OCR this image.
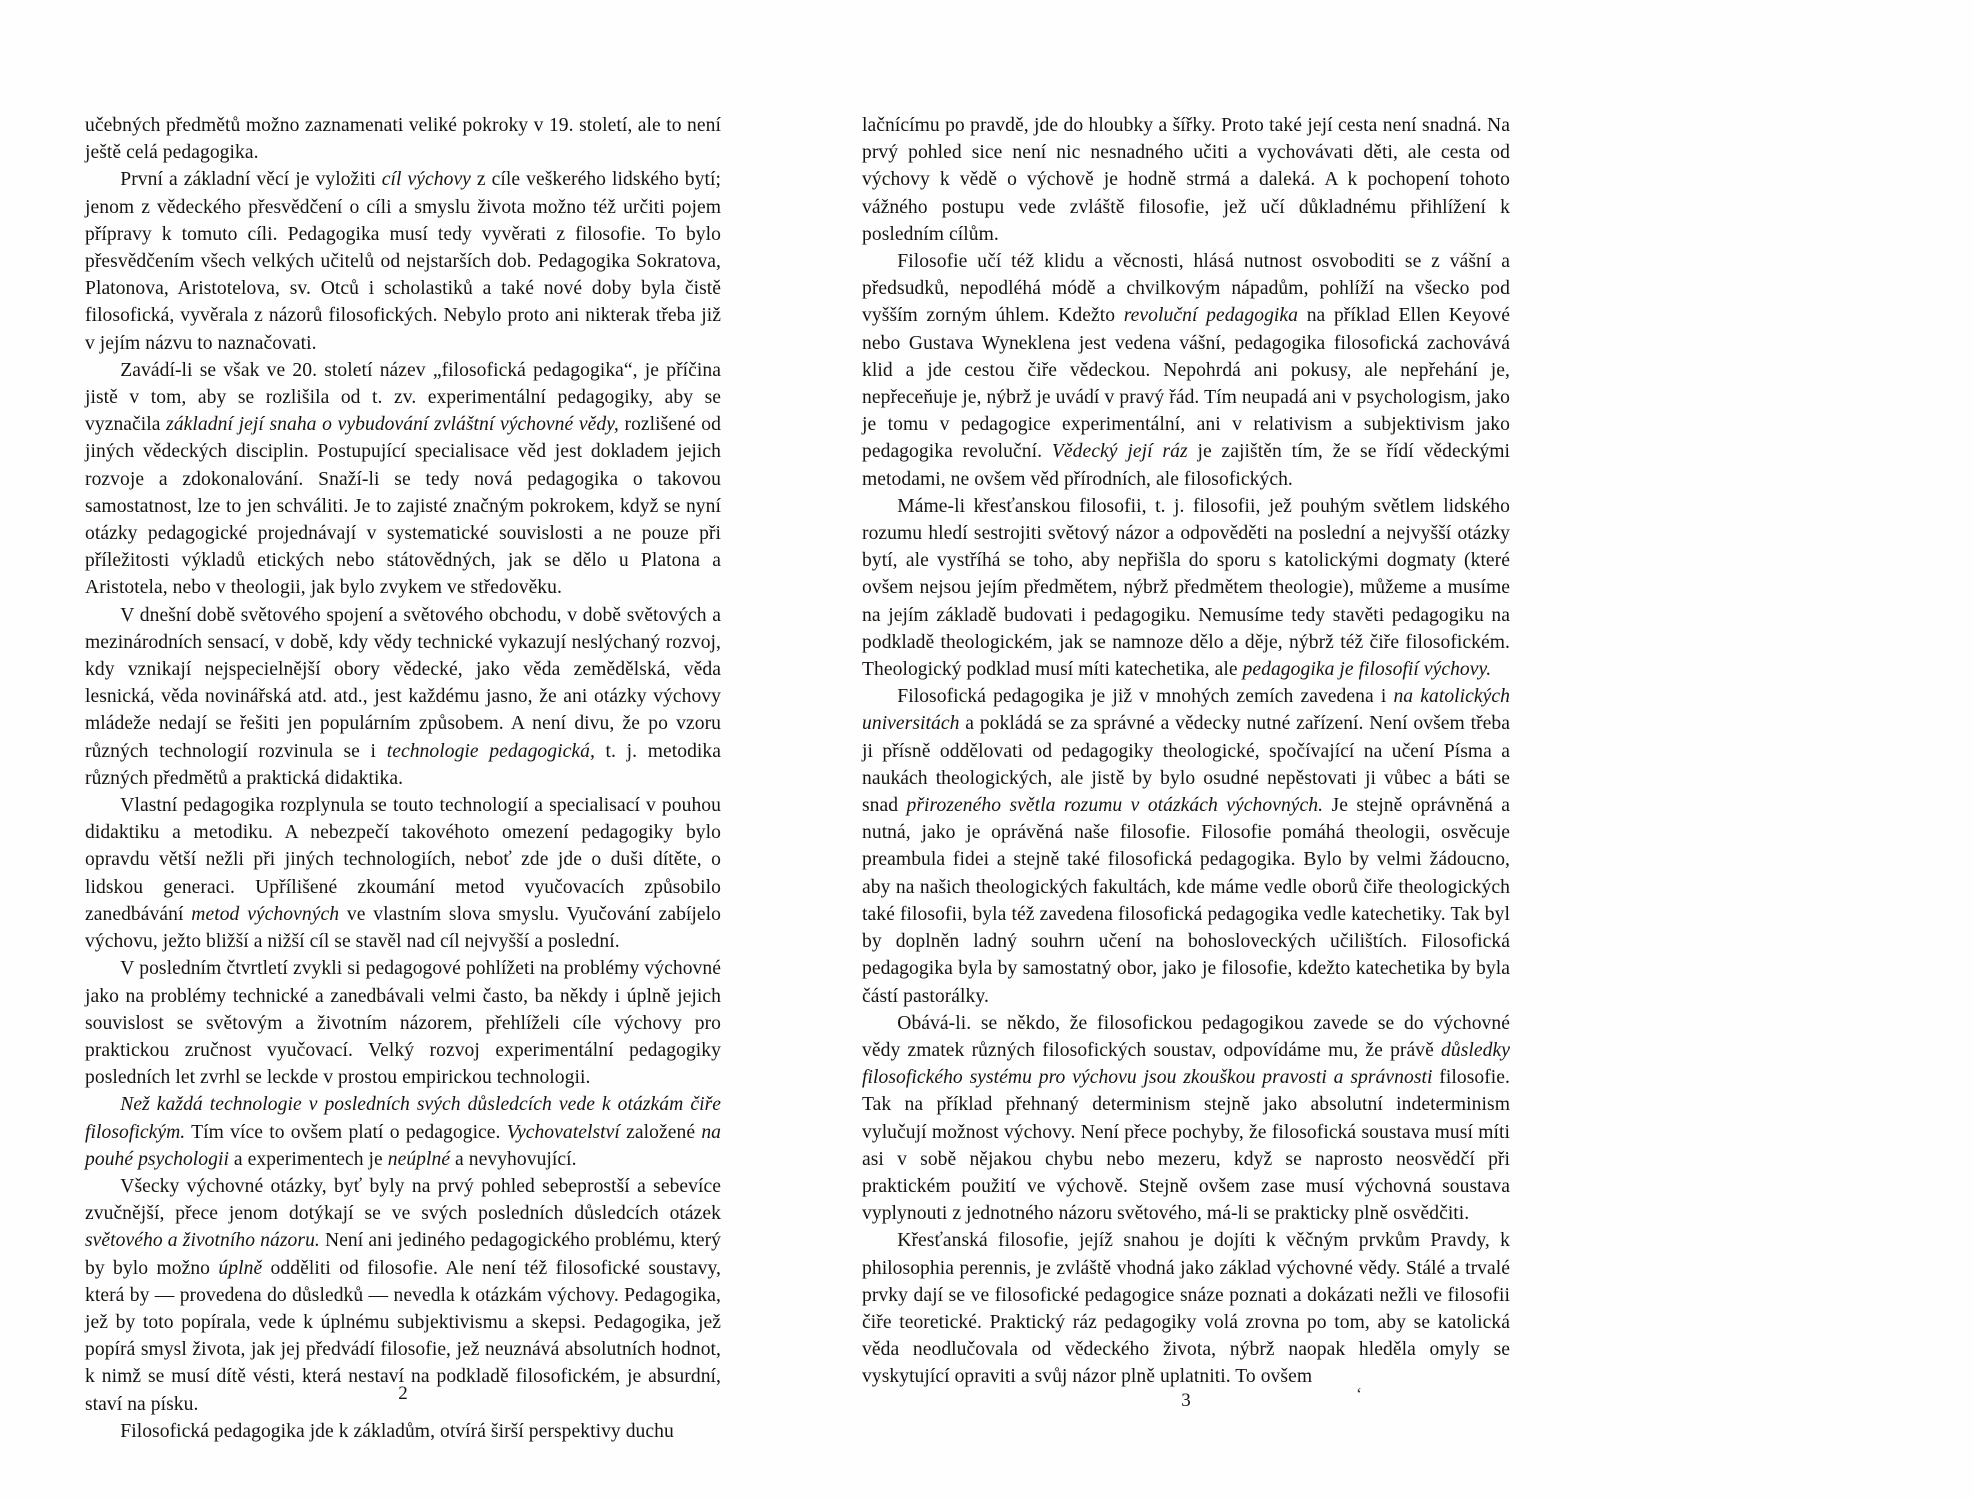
učebných předmětů možno zaznamenati veliké pokroky v 19. století, ale to není ještě celá pedagogika.

První a základní věcí je vyložiti cíl výchovy z cíle veškerého lidského bytí; jenom z vědeckého přesvědčení o cíli a smyslu života možno též určiti pojem přípravy k tomuto cíli. Pedagogika musí tedy vyvěrati z filosofie. To bylo přesvědčením všech velkých učitelů od nejstarších dob. Pedagogika Sokratova, Platonova, Aristotelova, sv. Otců i scholastiků a také nové doby byla čistě filosofická, vyvěrala z názorů filosofických. Nebylo proto ani nikterak třeba již v jejím názvu to naznačovati.

Zavádí-li se však ve 20. století název „filosofická pedagogika“, je příčina jistě v tom, aby se rozlišila od t. zv. experimentální pedagogiky, aby se vyznačila základní její snaha o vybudování zvláštní výchovné vědy, rozlišené od jiných vědeckých disciplin. Postupující specialisace věd jest dokladem jejich rozvoje a zdokonalování. Snaží-li se tedy nová pedagogika o takovou samostatnost, lze to jen schváliti. Je to zajisté značným pokrokem, když se nyní otázky pedagogické projednávají v systematické souvislosti a ne pouze při příležitosti výkladů etických nebo státovědných, jak se dělo u Platona a Aristotela, nebo v theologii, jak bylo zvykem ve středověku.

V dnešní době světového spojení a světového obchodu, v době světových a mezinárodních sensací, v době, kdy vědy technické vykazují neslýchaný rozvoj, kdy vznikají nejspecielnější obory vědecké, jako věda zemědělská, věda lesnická, věda novinářská atd. atd., jest každému jasno, že ani otázky výchovy mládeže nedají se řešiti jen populárním způsobem. A není divu, že po vzoru různých technologií rozvinula se i technologie pedagogická, t. j. metodika různých předmětů a praktická didaktika.

Vlastní pedagogika rozplynula se touto technologií a specialisací v pouhou didaktiku a metodiku. A nebezpečí takovéhoto omezení pedagogiky bylo opravdu větší nežli při jiných technologiích, neboť zde jde o duši dítěte, o lidskou generaci. Upřílišené zkoumání metod vyučovacích způsobilo zanedbávání metod výchovných ve vlastním slova smyslu. Vyučování zabíjelo výchovu, ježto bližší a nižší cíl se stavěl nad cíl nejvyšší a poslední.

V posledním čtvrtletí zvykli si pedagogové pohlížeti na problémy výchovné jako na problémy technické a zanedbávali velmi často, ba někdy i úplně jejich souvislost se světovým a životním názorem, přehlíželi cíle výchovy pro praktickou zručnost vyučovací. Velký rozvoj experimentální pedagogiky posledních let zvrhl se leckde v prostou empirickou technologii.

Než každá technologie v posledních svých důsledcích vede k otázkám čiře filosofickým. Tím více to ovšem platí o pedagogice. Vychovatelství založené na pouhé psychologii a experimentech je neúplné a nevyhovující.

Všecky výchovné otázky, byť byly na prvý pohled sebeprostší a sebevíce zvučnější, přece jenom dotýkají se ve svých posledních důsledcích otázek světového a životního názoru. Není ani jediného pedagogického problému, který by bylo možno úplně odděliti od filosofie. Ale není též filosofické soustavy, která by — provedena do důsledků — nevedla k otázkám výchovy. Pedagogika, jež by toto popírala, vede k úplnému subjektivismu a skepsi. Pedagogika, jež popírá smysl života, jak jej předvádí filosofie, jež neuznává absolutních hodnot, k nimž se musí dítě vésti, která nestaví na podkladě filosofickém, je absurdní, staví na písku.

Filosofická pedagogika jde k základům, otvírá širší perspektivy duchu

lačnícímu po pravdě, jde do hloubky a šířky. Proto také její cesta není snadná. Na prvý pohled sice není nic nesnadného učiti a vychovávati děti, ale cesta od výchovy k vědě o výchově je hodně strmá a daleká. A k pochopení tohoto vážného postupu vede zvláště filosofie, jež učí důkladnému přihlížení k posledním cílům.

Filosofie učí též klidu a věcnosti, hlásá nutnost osvoboditi se z vášní a předsudků, nepodléhá módě a chvilkovým nápadům, pohlíží na všecko pod vyšším zorným úhlem. Kdežto revoluční pedagogika na příklad Ellen Keyové nebo Gustava Wyneklena jest vedena vášní, pedagogika filosofická zachovává klid a jde cestou čiře vědeckou. Nepohrdá ani pokusy, ale nepřehání je, nepřeceňuje je, nýbrž je uvádí v pravý řád. Tím neupadá ani v psychologism, jako je tomu v pedagogice experimentální, ani v relativism a subjektivism jako pedagogika revoluční. Vědecký její ráz je zajištěn tím, že se řídí vědeckými metodami, ne ovšem věd přírodních, ale filosofických.

Máme-li křesťanskou filosofii, t. j. filosofii, jež pouhým světlem lidského rozumu hledí sestrojiti světový názor a odpověděti na poslední a nejvyšší otázky bytí, ale vystříhá se toho, aby nepřišla do sporu s katolickými dogmaty (které ovšem nejsou jejím předmětem, nýbrž předmětem theologie), můžeme a musíme na jejím základě budovati i pedagogiku. Nemusíme tedy stavěti pedagogiku na podkladě theologickém, jak se namnoze dělo a děje, nýbrž též čiře filosofickém. Theologický podklad musí míti katechetika, ale pedagogika je filosofií výchovy.

Filosofická pedagogika je již v mnohých zemích zavedena i na katolických universitách a pokládá se za správné a vědecky nutné zařízení. Není ovšem třeba ji přísně oddělovati od pedagogiky theologické, spočívající na učení Písma a naukách theologických, ale jistě by bylo osudné nepěstovati ji vůbec a báti se snad přirozeného světla rozumu v otázkách výchovných. Je stejně oprávněná a nutná, jako je oprávěná naše filosofie. Filosofie pomáhá theologii, osvěcuje preambula fidei a stejně také filosofická pedagogika. Bylo by velmi žádoucno, aby na našich theologických fakultách, kde máme vedle oborů čiře theologických také filosofii, byla též zavedena filosofická pedagogika vedle katechetiky. Tak byl by doplněn ladný souhrn učení na bohosloveckých učilištích. Filosofická pedagogika byla by samostatný obor, jako je filosofie, kdežto katechetika by byla částí pastorálky.

Obává-li. se někdo, že filosofickou pedagogikou zavede se do výchovné vědy zmatek různých filosofických soustav, odpovídáme mu, že právě důsledky filosofického systému pro výchovu jsou zkouškou pravosti a správnosti filosofie. Tak na příklad přehnaný determinism stejně jako absolutní indeterminism vylučují možnost výchovy. Není přece pochyby, že filosofická soustava musí míti asi v sobě nějakou chybu nebo mezeru, když se naprosto neosvědčí při praktickém použití ve výchově. Stejně ovšem zase musí výchovná soustava vyplynouti z jednotného názoru světového, má-li se prakticky plně osvědčiti.

Křesťanská filosofie, jejíž snahou je dojíti k věčným prvkům Pravdy, k philosophia perennis, je zvláště vhodná jako základ výchovné vědy. Stálé a trvalé prvky dají se ve filosofické pedagogice snáze poznati a dokázati nežli ve filosofii čiře teoretické. Praktický ráz pedagogiky volá zrovna po tom, aby se katolická věda neodlučovala od vědeckého života, nýbrž naopak hleděla omyly se vyskytující opraviti a svůj názor plně uplatniti. To ovšem

2	3	ʻ
